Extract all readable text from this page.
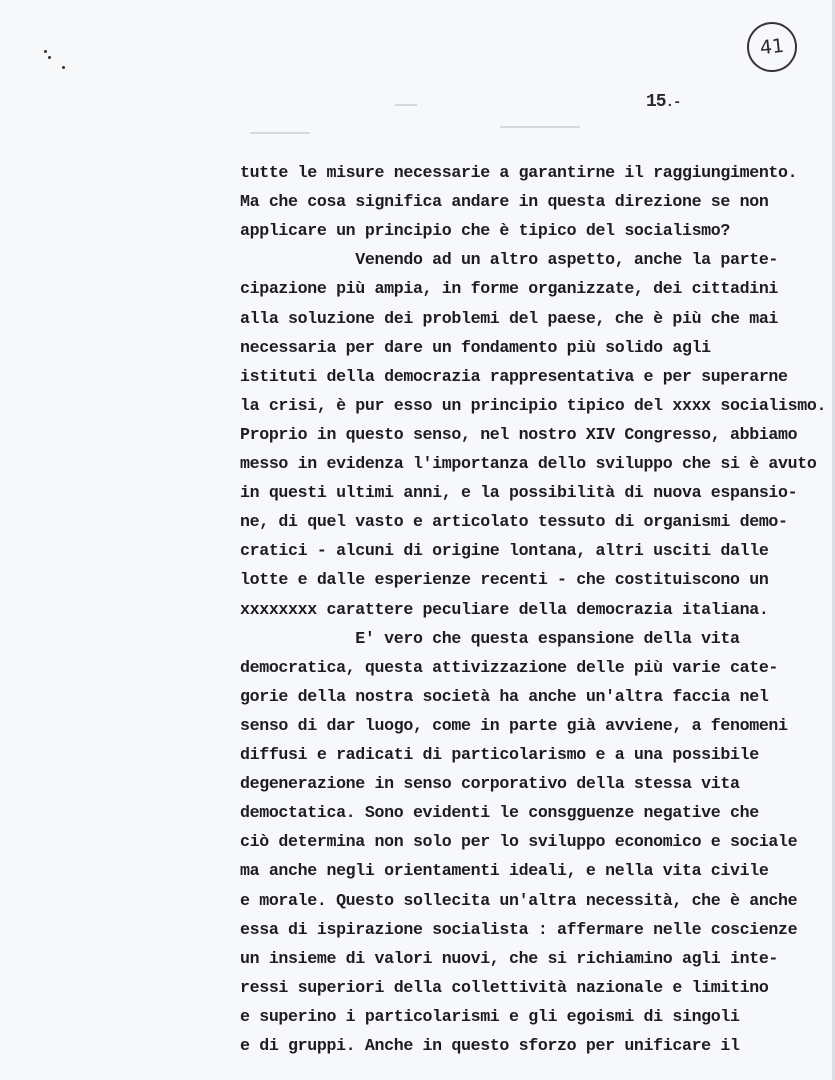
41
15.-
tutte le misure necessarie a garantirne il raggiungimento.
Ma che cosa significa andare in questa direzione se non
applicare un principio che è tipico del socialismo?
Venendo ad un altro aspetto, anche la parte-
cipazione più ampia, in forme organizzate, dei cittadini
alla soluzione dei problemi del paese, che è più che mai
necessaria per dare un fondamento più solido agli
istituti della democrazia rappresentativa e per superarne
la crisi, è pur esso un principio tipico del xxxx socialismo.
Proprio in questo senso, nel nostro XIV Congresso, abbiamo
messo in evidenza l'importanza dello sviluppo che si è avuto
in questi ultimi anni, e la possibilità di nuova espansio-
ne, di quel vasto e articolato tessuto di organismi demo-
cratici - alcuni di origine lontana, altri usciti dalle
lotte e dalle esperienze recenti - che costituiscono un
xxxxxxxx carattere peculiare della democrazia italiana.
E' vero che questa espansione della vita
democratica, questa attivizzazione delle più varie cate-
gorie della nostra società ha anche un'altra faccia nel
senso di dar luogo, come in parte già avviene, a fenomeni
diffusi e radicati di particolarismo e a una possibile
degenerazione in senso corporativo della stessa vita
democtatica. Sono evidenti le consgguenze negative che
ciò determina non solo per lo sviluppo economico e sociale
ma anche negli orientamenti ideali, e nella vita civile
e morale. Questo sollecita un'altra necessità, che è anche
essa di ispirazione socialista : affermare nelle coscienze
un insieme di valori nuovi, che si richiamino agli inte-
ressi superiori della collettività nazionale e limitino
e superino i particolarismi e gli egoismi di singoli
e di gruppi. Anche in questo sforzo per unificare il
